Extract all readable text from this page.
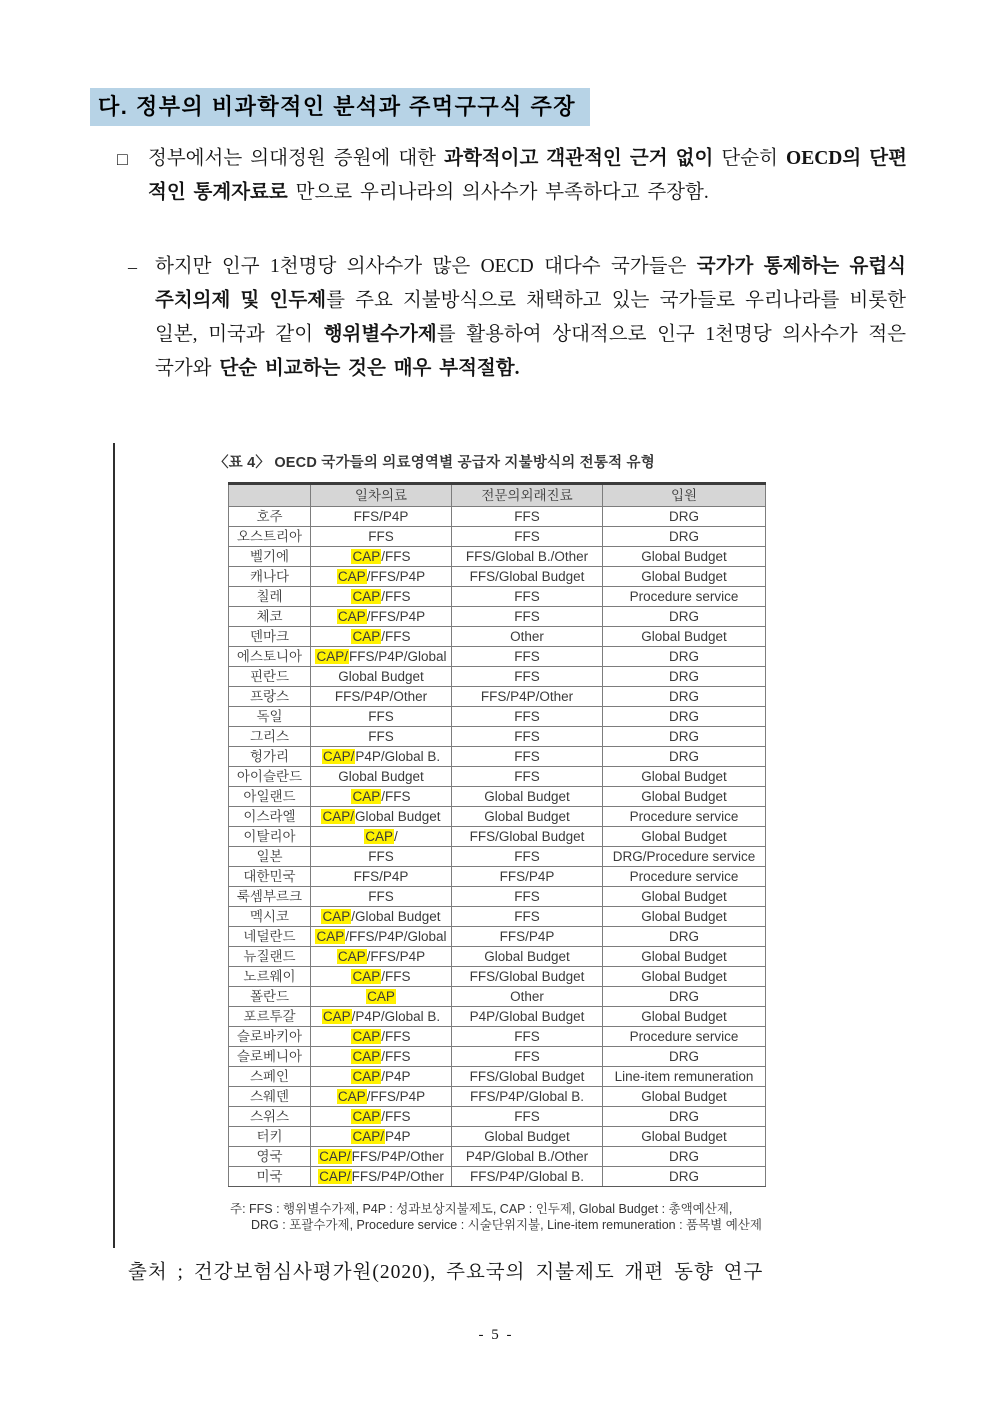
다. 정부의 비과학적인 분석과 주먹구구식 주장
□	정부에서는 의대정원 증원에 대한 과학적이고 객관적인 근거 없이 단순히 OECD의 단편적인 통계자료로 만으로 우리나라의 의사수가 부족하다고 주장함.
– 하지만 인구 1천명당 의사수가 많은 OECD 대다수 국가들은 국가가 통제하는 유럽식 주치의제 및 인두제를 주요 지불방식으로 채택하고 있는 국가들로 우리나라를 비롯한 일본, 미국과 같이 행위별수가제를 활용하여 상대적으로 인구 1천명당 의사수가 적은 국가와 단순 비교하는 것은 매우 부적절함.
〈표 4〉 OECD 국가들의 의료영역별 공급자 지불방식의 전통적 유형
	일차의료	전문의외래진료	입원
호주	FFS/P4P	FFS	DRG
오스트리아	FFS	FFS	DRG
벨기에	CAP/FFS	FFS/Global B./Other	Global Budget
캐나다	CAP/FFS/P4P	FFS/Global Budget	Global Budget
칠레	CAP/FFS	FFS	Procedure service
체코	CAP/FFS/P4P	FFS	DRG
덴마크	CAP/FFS	Other	Global Budget
에스토니아	CAP/FFS/P4P/Global	FFS	DRG
핀란드	Global Budget	FFS	DRG
프랑스	FFS/P4P/Other	FFS/P4P/Other	DRG
독일	FFS	FFS	DRG
그리스	FFS	FFS	DRG
헝가리	CAP/P4P/Global B.	FFS	DRG
아이슬란드	Global Budget	FFS	Global Budget
아일랜드	CAP/FFS	Global Budget	Global Budget
이스라엘	CAP/Global Budget	Global Budget	Procedure service
이탈리아	CAP/	FFS/Global Budget	Global Budget
일본	FFS	FFS	DRG/Procedure service
대한민국	FFS/P4P	FFS/P4P	Procedure service
룩셈부르크	FFS	FFS	Global Budget
멕시코	CAP/Global Budget	FFS	Global Budget
네덜란드	CAP/FFS/P4P/Global	FFS/P4P	DRG
뉴질랜드	CAP/FFS/P4P	Global Budget	Global Budget
노르웨이	CAP/FFS	FFS/Global Budget	Global Budget
폴란드	CAP	Other	DRG
포르투갈	CAP/P4P/Global B.	P4P/Global Budget	Global Budget
슬로바키아	CAP/FFS	FFS	Procedure service
슬로베니아	CAP/FFS	FFS	DRG
스페인	CAP/P4P	FFS/Global Budget	Line-item remuneration
스웨덴	CAP/FFS/P4P	FFS/P4P/Global B.	Global Budget
스위스	CAP/FFS	FFS	DRG
터키	CAP/P4P	Global Budget	Global Budget
영국	CAP/FFS/P4P/Other	P4P/Global B./Other	DRG
미국	CAP/FFS/P4P/Other	FFS/P4P/Global B.	DRG
주: FFS : 행위별수가제, P4P : 성과보상지불제도, CAP : 인두제, Global Budget : 총액예산제,
DRG : 포괄수가제, Procedure service : 시술단위지불, Line-item remuneration : 품목별 예산제
출처 ; 건강보험심사평가원(2020), 주요국의 지불제도 개편 동향 연구
- 5 -
